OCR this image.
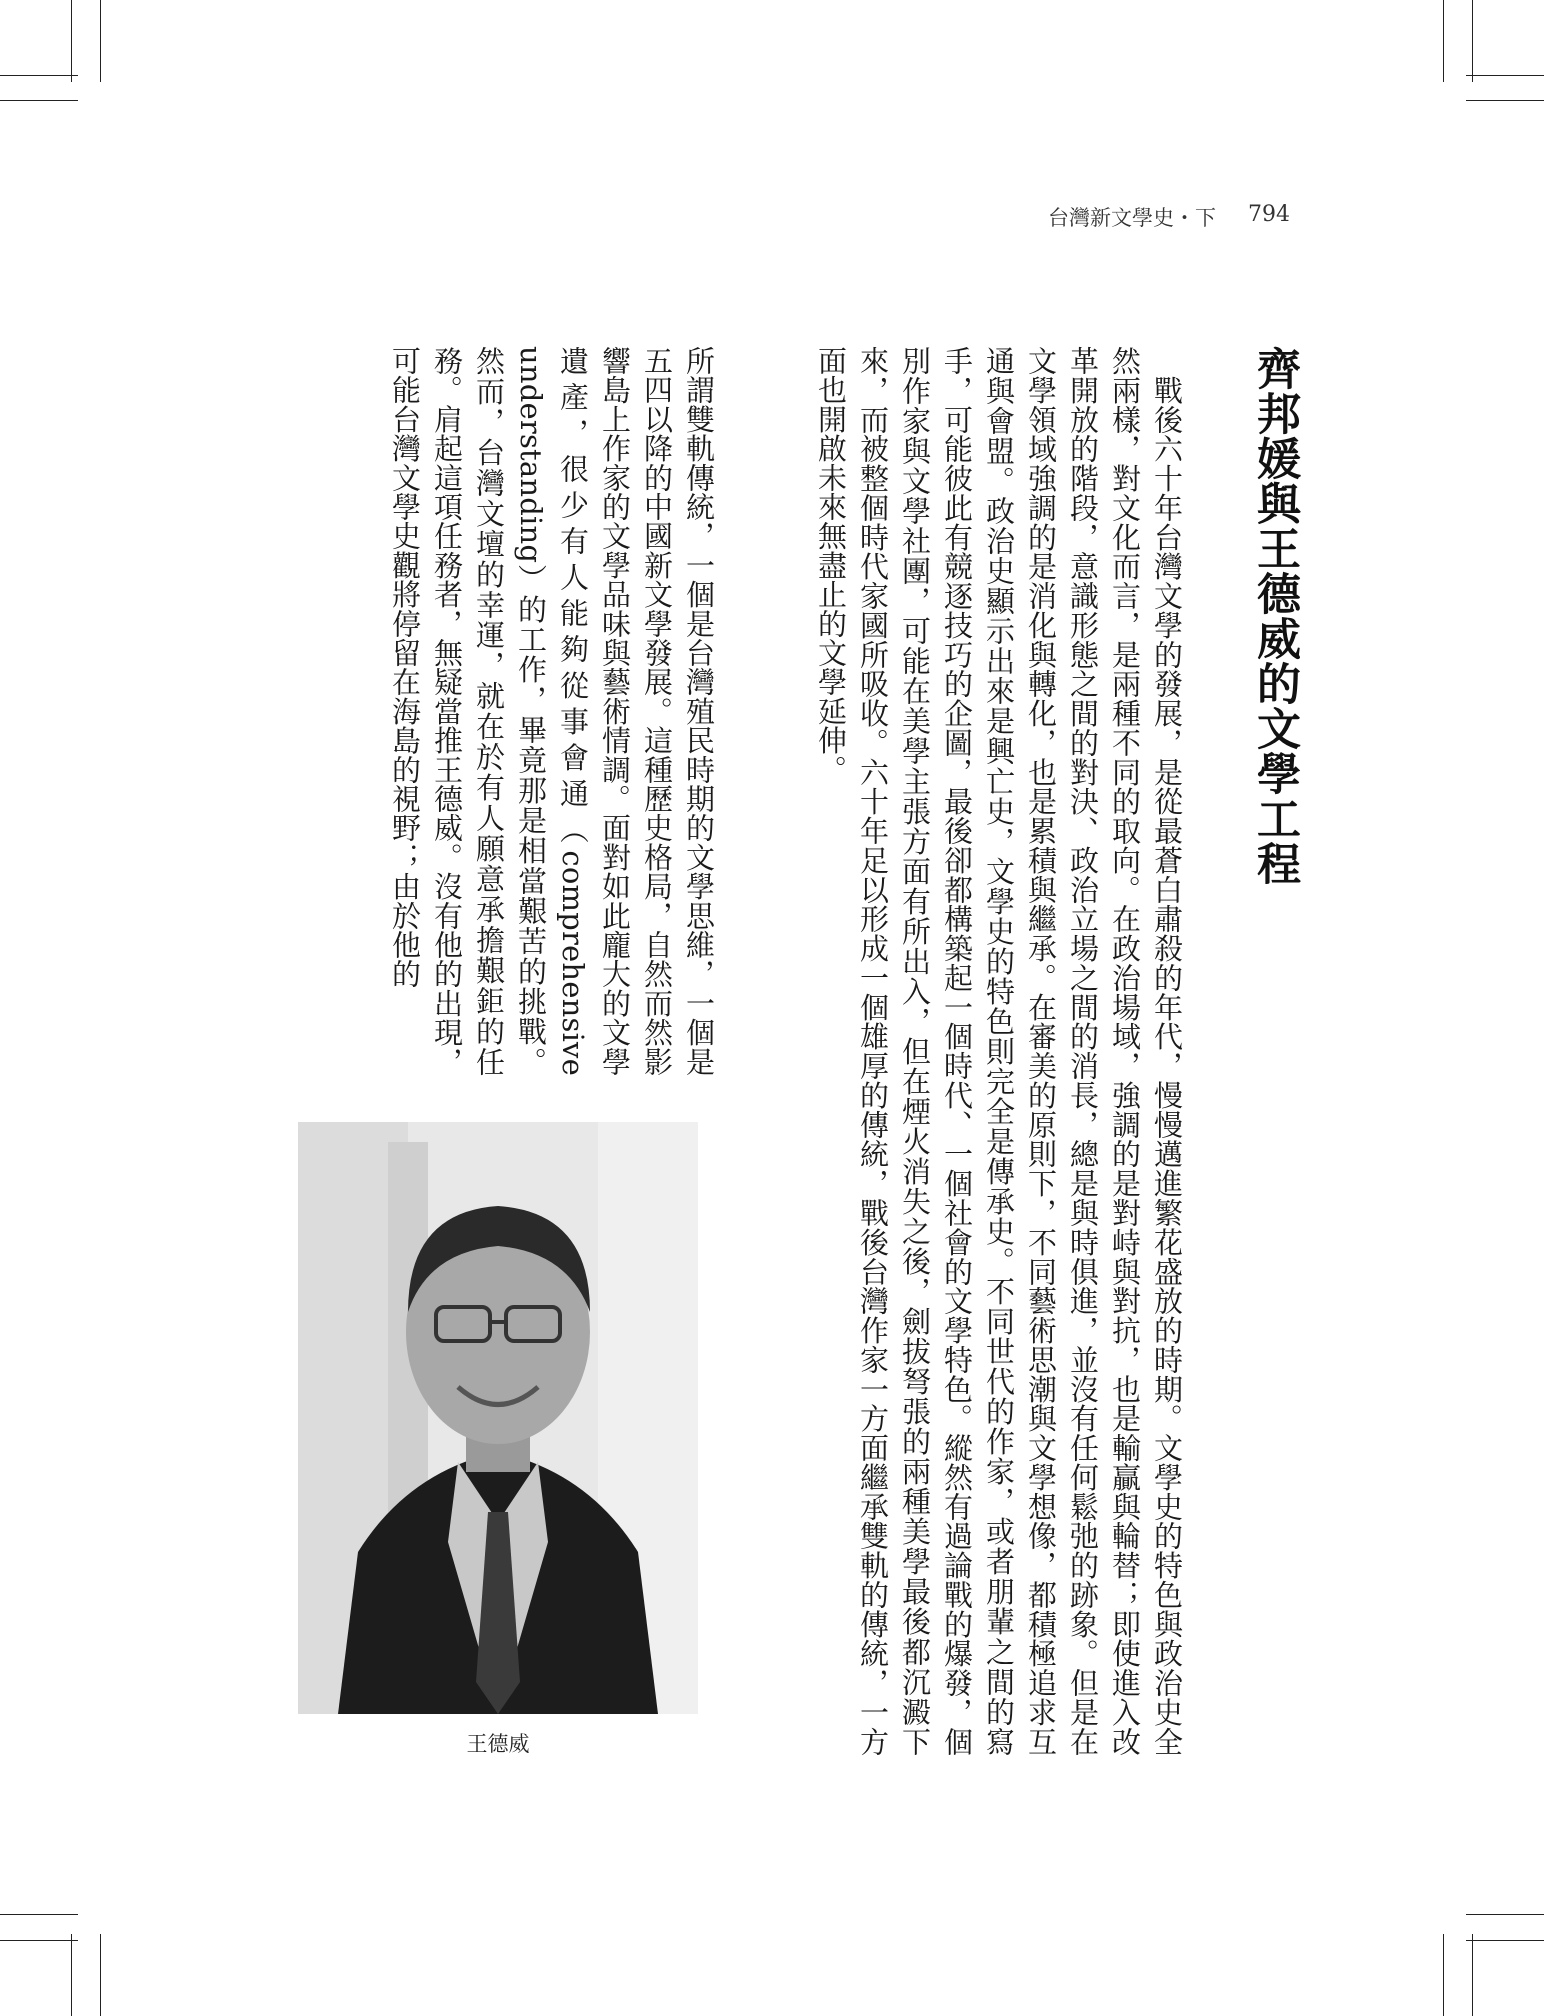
台灣新文學史・下 794
齊邦媛與王德威的文學工程
　戰後六十年台灣文學的發展，是從最蒼白肅殺的年代，慢慢邁進繁花盛放的時期。文學史的特色與政治史全然兩樣，對文化而言，是兩種不同的取向。在政治場域，強調的是對峙與對抗，也是輸贏與輪替；即使進入改革開放的階段，意識形態之間的對決、政治立場之間的消長，總是與時俱進，並沒有任何鬆弛的跡象。但是在文學領域強調的是消化與轉化，也是累積與繼承。在審美的原則下，不同藝術思潮與文學想像，都積極追求互通與會盟。政治史顯示出來是興亡史，文學史的特色則完全是傳承史。不同世代的作家，或者朋輩之間的寫手，可能彼此有競逐技巧的企圖，最後卻都構築起一個時代、一個社會的文學特色。縱然有過論戰的爆發，個別作家與文學社團，可能在美學主張方面有所出入，但在煙火消失之後，劍拔弩張的兩種美學最後都沉澱下來，而被整個時代家國所吸收。六十年足以形成一個雄厚的傳統，戰後台灣作家一方面繼承雙軌的傳統，一方面也開啟未來無盡止的文學延伸。
所謂雙軌傳統，一個是台灣殖民時期的文學思維，一個是五四以降的中國新文學發展。這種歷史格局，自然而然影響島上作家的文學品味與藝術情調。面對如此龐大的文學遺產，很少有人能夠從事會通（comprehensive understanding）的工作，畢竟那是相當艱苦的挑戰。然而，台灣文壇的幸運，就在於有人願意承擔艱鉅的任務。肩起這項任務者，無疑當推王德威。沒有他的出現，可能台灣文學史觀將停留在海島的視野；由於他的
王德威
